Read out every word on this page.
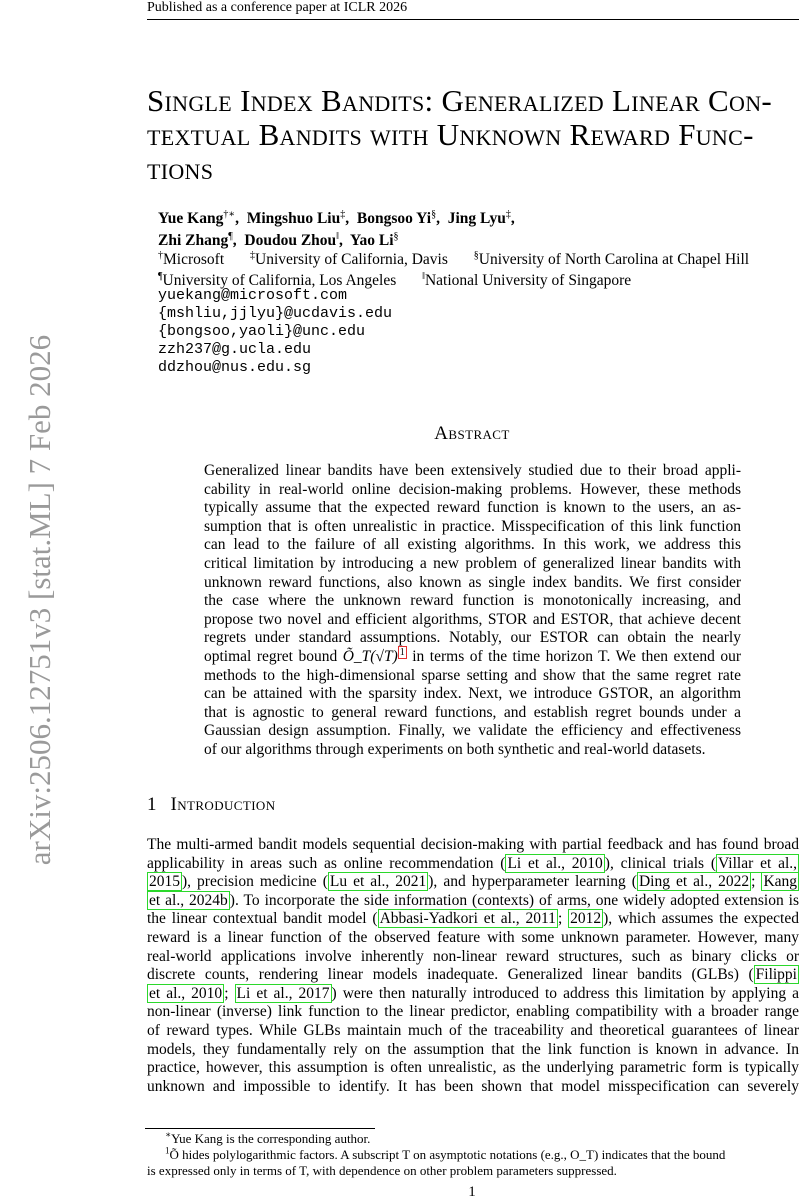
Published as a conference paper at ICLR 2026
arXiv:2506.12751v3 [stat.ML] 7 Feb 2026
Single Index Bandits: Generalized Linear Con-
textual Bandits with Unknown Reward Func-
tions
Yue Kang†∗,  Mingshuo Liu‡,  Bongsoo Yi§,  Jing Lyu‡,
Zhi Zhang¶,  Doudou Zhou‖,  Yao Li§
†Microsoft	‡University of California, Davis	§University of North Carolina at Chapel Hill
¶University of California, Los Angeles	‖National University of Singapore
yuekang@microsoft.com
{mshliu,jjlyu}@ucdavis.edu
{bongsoo,yaoli}@unc.edu
zzh237@g.ucla.edu
ddzhou@nus.edu.sg
Abstract
Generalized linear bandits have been extensively studied due to their broad appli-
cability in real-world online decision-making problems. However, these methods
typically assume that the expected reward function is known to the users, an as-
sumption that is often unrealistic in practice. Misspecification of this link function
can lead to the failure of all existing algorithms. In this work, we address this
critical limitation by introducing a new problem of generalized linear bandits with
unknown reward functions, also known as single index bandits. We first consider
the case where the unknown reward function is monotonically increasing, and
propose two novel and efficient algorithms, STOR and ESTOR, that achieve decent
regrets under standard assumptions. Notably, our ESTOR can obtain the nearly
optimal regret bound Õ_T(√T) $^1$ in terms of the time horizon T. We then extend our
methods to the high-dimensional sparse setting and show that the same regret rate
can be attained with the sparsity index. Next, we introduce GSTOR, an algorithm
that is agnostic to general reward functions, and establish regret bounds under a
Gaussian design assumption. Finally, we validate the efficiency and effectiveness
of our algorithms through experiments on both synthetic and real-world datasets.
1 Introduction
The multi-armed bandit models sequential decision-making with partial feedback and has found broad
applicability in areas such as online recommendation ( Li et al., 2010 ), clinical trials ( Villar et al.,
2015 ), precision medicine ( Lu et al., 2021 ), and hyperparameter learning ( Ding et al., 2022 ; Kang
et al., 2024b ). To incorporate the side information (contexts) of arms, one widely adopted extension is
the linear contextual bandit model ( Abbasi-Yadkori et al., 2011 ; 2012 ), which assumes the expected
reward is a linear function of the observed feature with some unknown parameter. However, many
real-world applications involve inherently non-linear reward structures, such as binary clicks or
discrete counts, rendering linear models inadequate. Generalized linear bandits (GLBs) ( Filippi
et al., 2010 ; Li et al., 2017 ) were then naturally introduced to address this limitation by applying a
non-linear (inverse) link function to the linear predictor, enabling compatibility with a broader range
of reward types. While GLBs maintain much of the traceability and theoretical guarantees of linear
models, they fundamentally rely on the assumption that the link function is known in advance. In
practice, however, this assumption is often unrealistic, as the underlying parametric form is typically
unknown and impossible to identify. It has been shown that model misspecification can severely
∗Yue Kang is the corresponding author.
$^1$Õ hides polylogarithmic factors. A subscript T on asymptotic notations (e.g., O_T) indicates that the bound
is expressed only in terms of T, with dependence on other problem parameters suppressed.
1
